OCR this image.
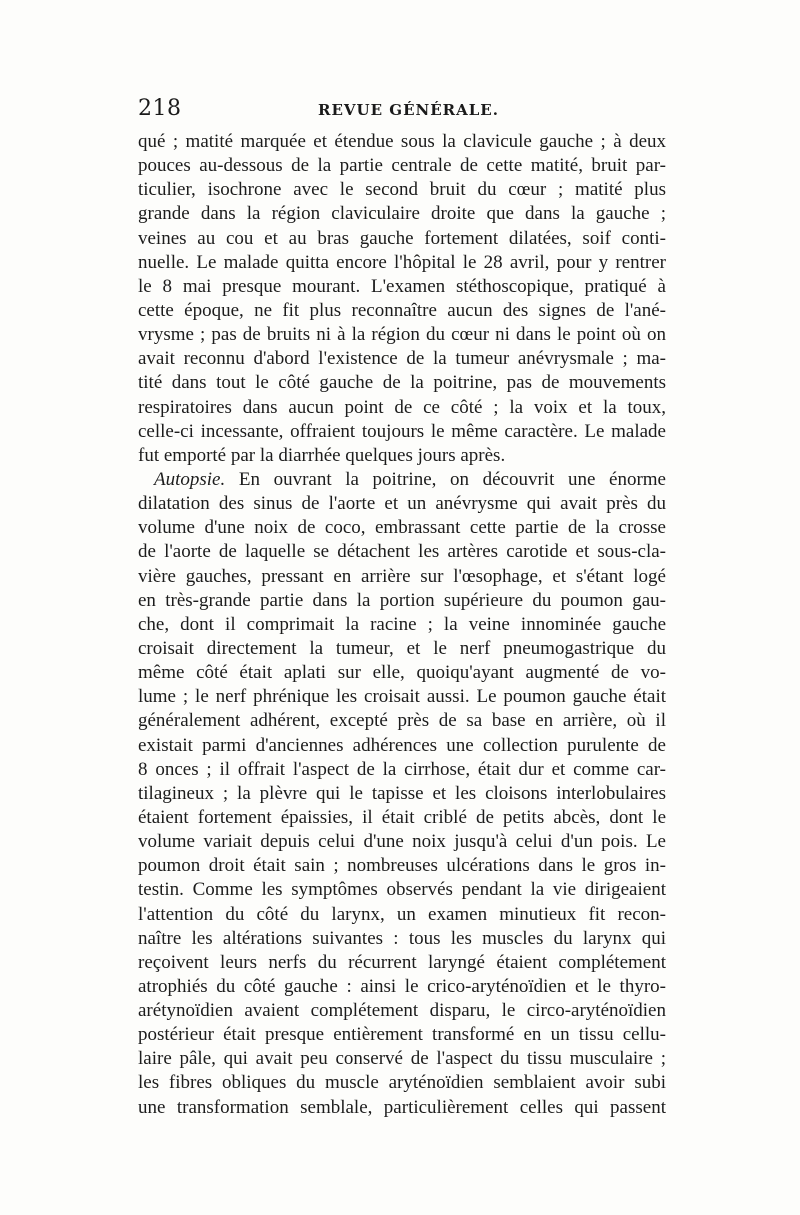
218	REVUE GÉNÉRALE.
qué ; matité marquée et étendue sous la clavicule gauche ; à deux
pouces au-dessous de la partie centrale de cette matité, bruit par-
ticulier, isochrone avec le second bruit du cœur ; matité plus
grande dans la région claviculaire droite que dans la gauche ;
veines au cou et au bras gauche fortement dilatées, soif conti-
nuelle. Le malade quitta encore l'hôpital le 28 avril, pour y rentrer
le 8 mai presque mourant. L'examen stéthoscopique, pratiqué à
cette époque, ne fit plus reconnaître aucun des signes de l'ané-
vrysme ; pas de bruits ni à la région du cœur ni dans le point où on
avait reconnu d'abord l'existence de la tumeur anévrysmale ; ma-
tité dans tout le côté gauche de la poitrine, pas de mouvements
respiratoires dans aucun point de ce côté ; la voix et la toux,
celle-ci incessante, offraient toujours le même caractère. Le malade
fut emporté par la diarrhée quelques jours après.
Autopsie. En ouvrant la poitrine, on découvrit une énorme
dilatation des sinus de l'aorte et un anévrysme qui avait près du
volume d'une noix de coco, embrassant cette partie de la crosse
de l'aorte de laquelle se détachent les artères carotide et sous-cla-
vière gauches, pressant en arrière sur l'œsophage, et s'étant logé
en très-grande partie dans la portion supérieure du poumon gau-
che, dont il comprimait la racine ; la veine innominée gauche
croisait directement la tumeur, et le nerf pneumogastrique du
même côté était aplati sur elle, quoiqu'ayant augmenté de vo-
lume ; le nerf phrénique les croisait aussi. Le poumon gauche était
généralement adhérent, excepté près de sa base en arrière, où il
existait parmi d'anciennes adhérences une collection purulente de
8 onces ; il offrait l'aspect de la cirrhose, était dur et comme car-
tilagineux ; la plèvre qui le tapisse et les cloisons interlobulaires
étaient fortement épaissies, il était criblé de petits abcès, dont le
volume variait depuis celui d'une noix jusqu'à celui d'un pois. Le
poumon droit était sain ; nombreuses ulcérations dans le gros in-
testin. Comme les symptômes observés pendant la vie dirigeaient
l'attention du côté du larynx, un examen minutieux fit recon-
naître les altérations suivantes : tous les muscles du larynx qui
reçoivent leurs nerfs du récurrent laryngé étaient complétement
atrophiés du côté gauche : ainsi le crico-aryténoïdien et le thyro-
arétynoïdien avaient complétement disparu, le circo-aryténoïdien
postérieur était presque entièrement transformé en un tissu cellu-
laire pâle, qui avait peu conservé de l'aspect du tissu musculaire ;
les fibres obliques du muscle aryténoïdien semblaient avoir subi
une transformation semblale, particulièrement celles qui passent
